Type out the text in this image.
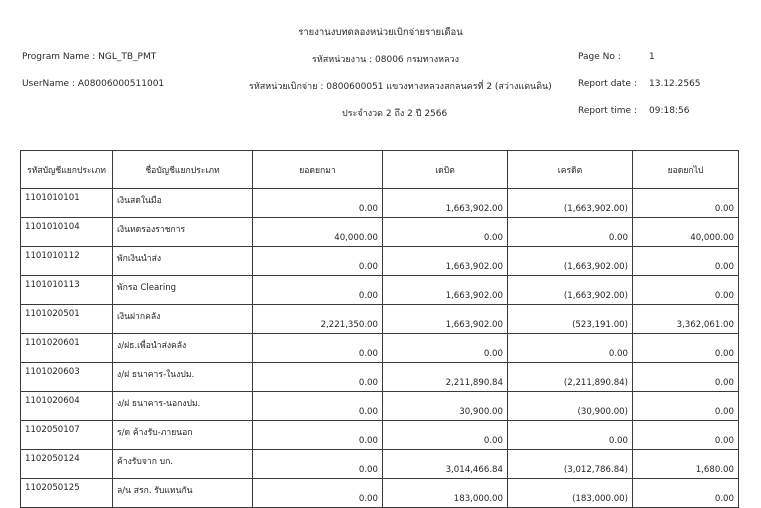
รายงานงบทดลองหน่วยเบิกจ่ายรายเดือน
Program Name : NGL_TB_PMT	รหัสหน่วยงาน : 08006 กรมทางหลวง	Page No :	1
UserName : A08006000511001	รหัสหน่วยเบิกจ่าย : 0800600051 แขวงทางหลวงสกลนครที่ 2 (สว่างแดนดิน)	Report date : 13.12.2565
ประจำงวด 2 ถึง 2 ปี 2566	Report time : 09:18:56
รหัสบัญชีแยกประเภท	ชื่อบัญชีแยกประเภท	ยอดยกมา	เดบิต	เครดิต	ยอดยกไป
1101010101	เงินสดในมือ	0.00	1,663,902.00	(1,663,902.00)	0.00
1101010104	เงินทดรองราชการ	40,000.00	0.00	0.00	40,000.00
1101010112	พักเงินนำส่ง	0.00	1,663,902.00	(1,663,902.00)	0.00
1101010113	พักรอ Clearing	0.00	1,663,902.00	(1,663,902.00)	0.00
1101020501	เงินฝากคลัง	2,221,350.00	1,663,902.00	(523,191.00)	3,362,061.00
1101020601	ง/ฝธ.เพื่อนำส่งคลัง	0.00	0.00	0.00	0.00
1101020603	ง/ฝ ธนาคาร-ในงปม.	0.00	2,211,890.84	(2,211,890.84)	0.00
1101020604	ง/ฝ ธนาคาร-นอกงปม.	0.00	30,900.00	(30,900.00)	0.00
1102050107	ร/ด ค้างรับ-ภายนอก	0.00	0.00	0.00	0.00
1102050124	ค้างรับจาก บก.	0.00	3,014,466.84	(3,012,786.84)	1,680.00
1102050125	ล/น สรก. รับแทนกัน	0.00	183,000.00	(183,000.00)	0.00
